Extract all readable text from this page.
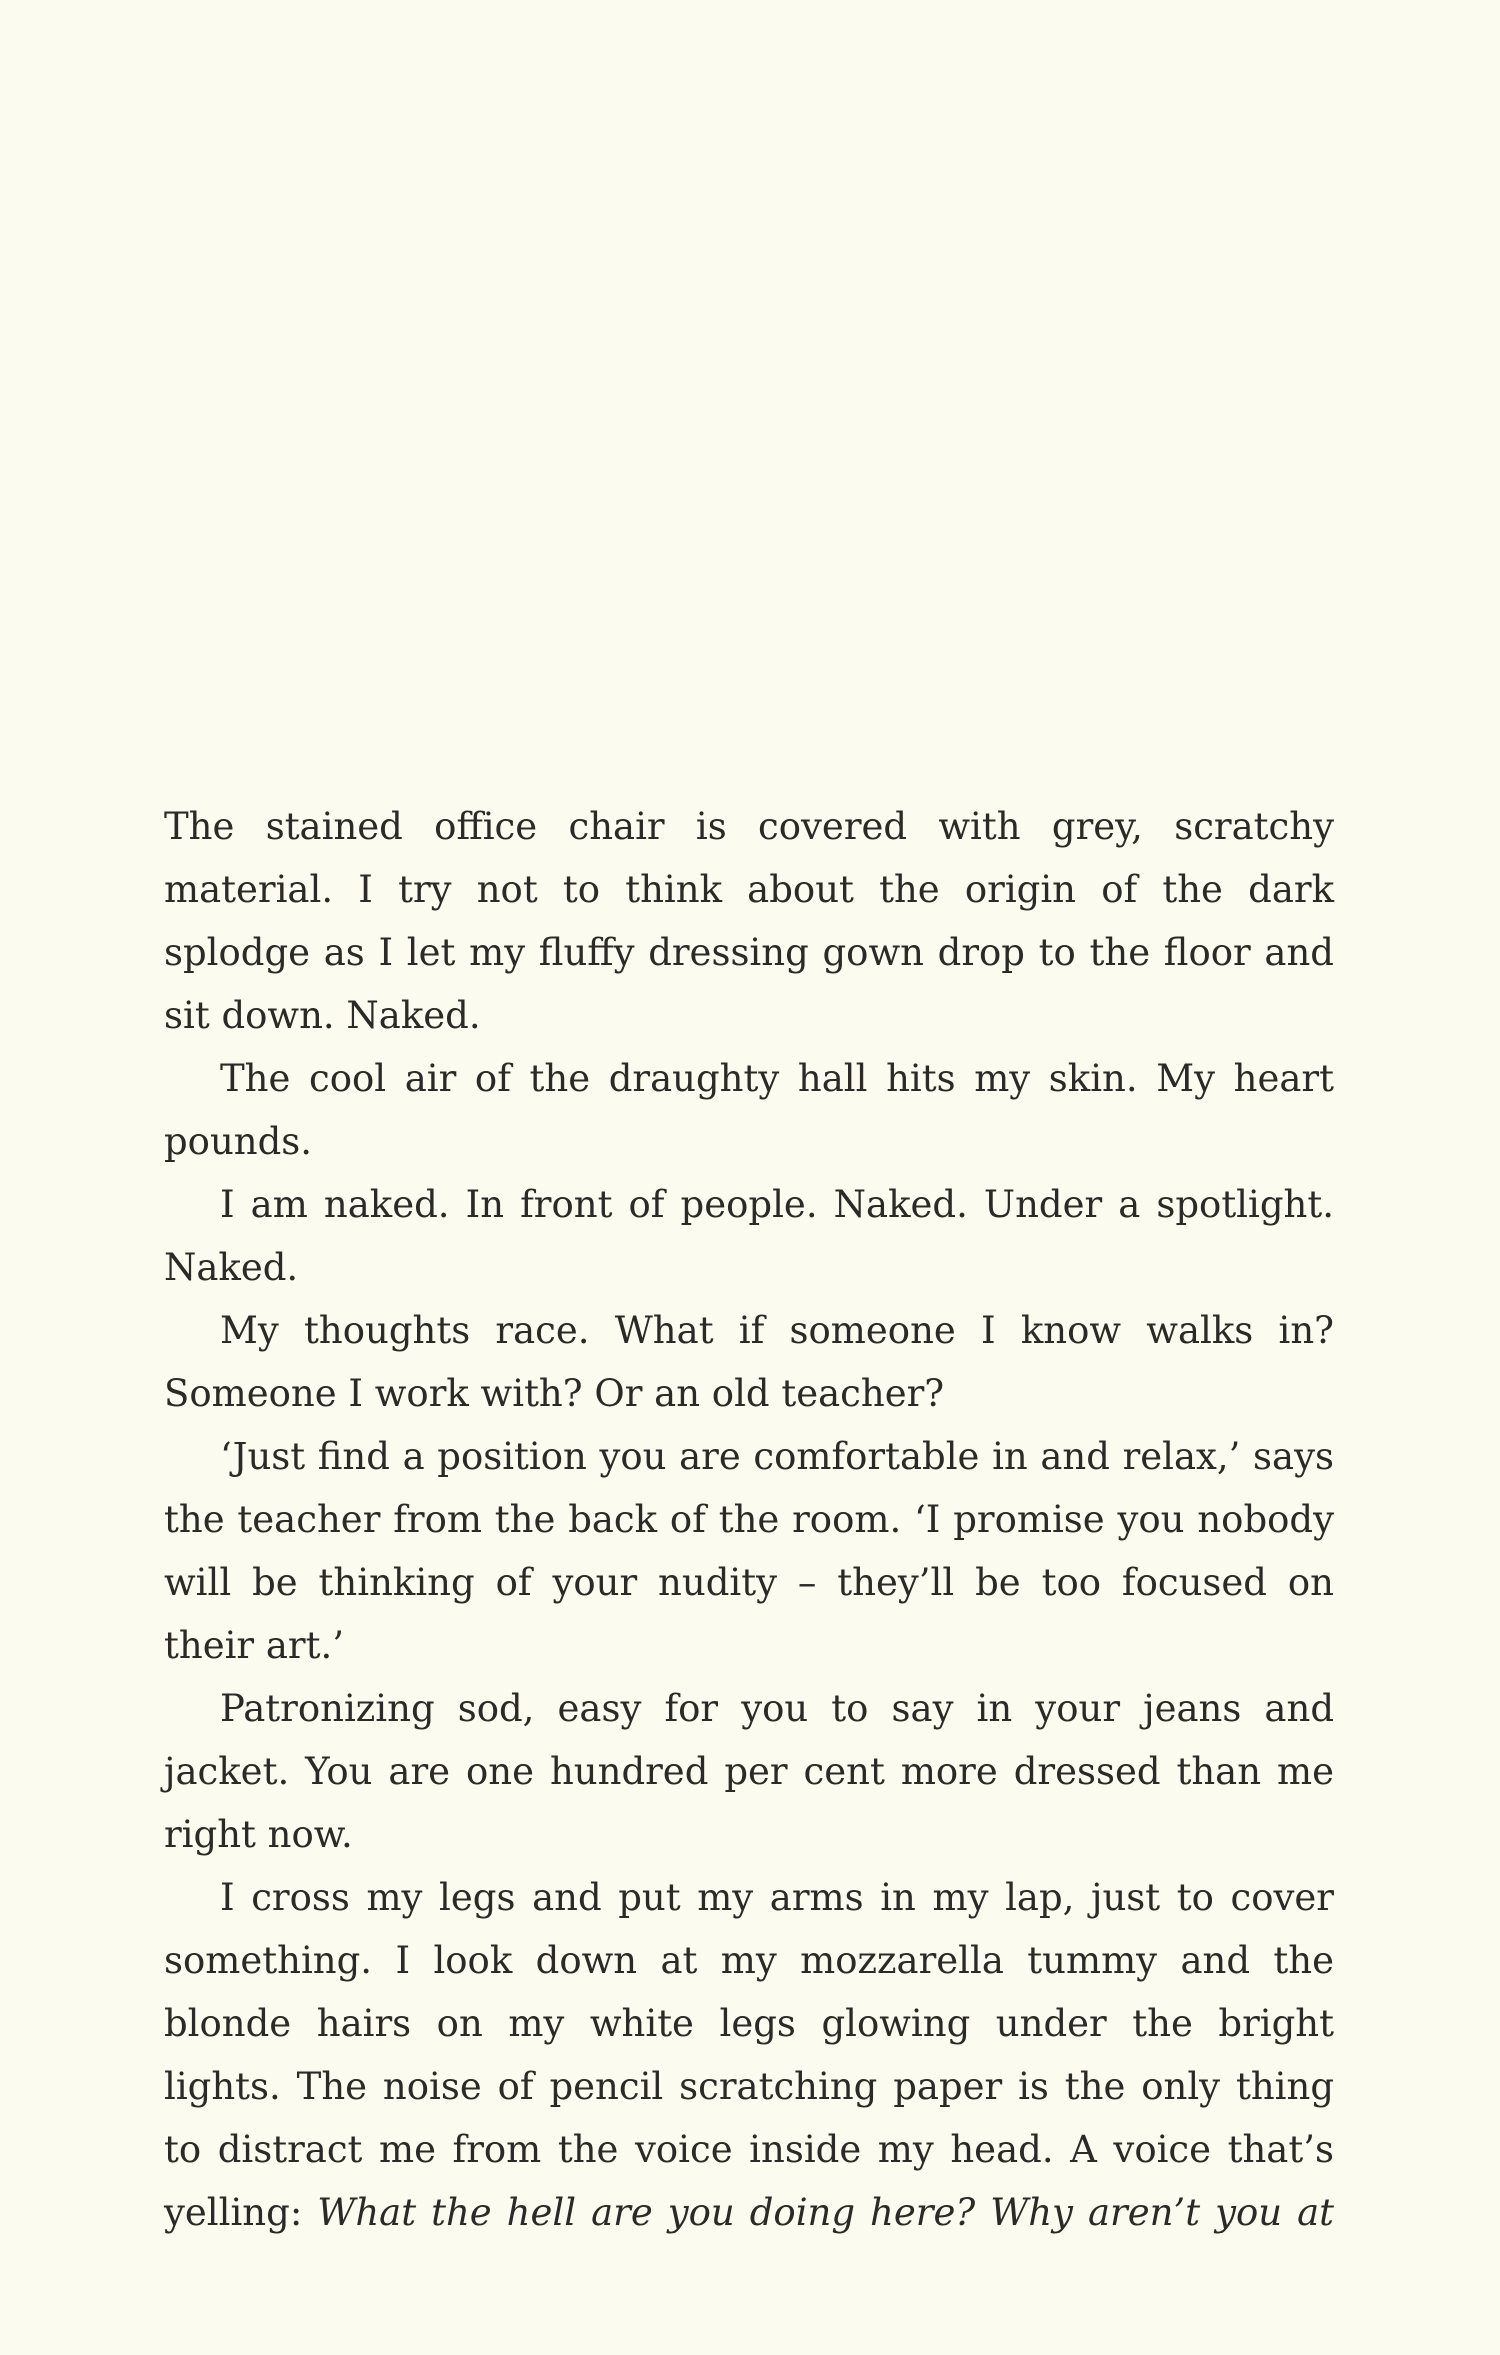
The stained office chair is covered with grey, scratchy material. I try not to think about the origin of the dark splodge as I let my fluffy dressing gown drop to the floor and sit down. Naked.

The cool air of the draughty hall hits my skin. My heart pounds.

I am naked. In front of people. Naked. Under a spotlight. Naked.

My thoughts race. What if someone I know walks in? Someone I work with? Or an old teacher?

‘Just find a position you are comfortable in and relax,’ says the teacher from the back of the room. ‘I promise you nobody will be thinking of your nudity – they’ll be too focused on their art.’

Patronizing sod, easy for you to say in your jeans and jacket. You are one hundred per cent more dressed than me right now.

I cross my legs and put my arms in my lap, just to cover something. I look down at my mozzarella tummy and the blonde hairs on my white legs glowing under the bright lights. The noise of pencil scratching paper is the only thing to distract me from the voice inside my head. A voice that’s yelling: What the hell are you doing here? Why aren’t you at
